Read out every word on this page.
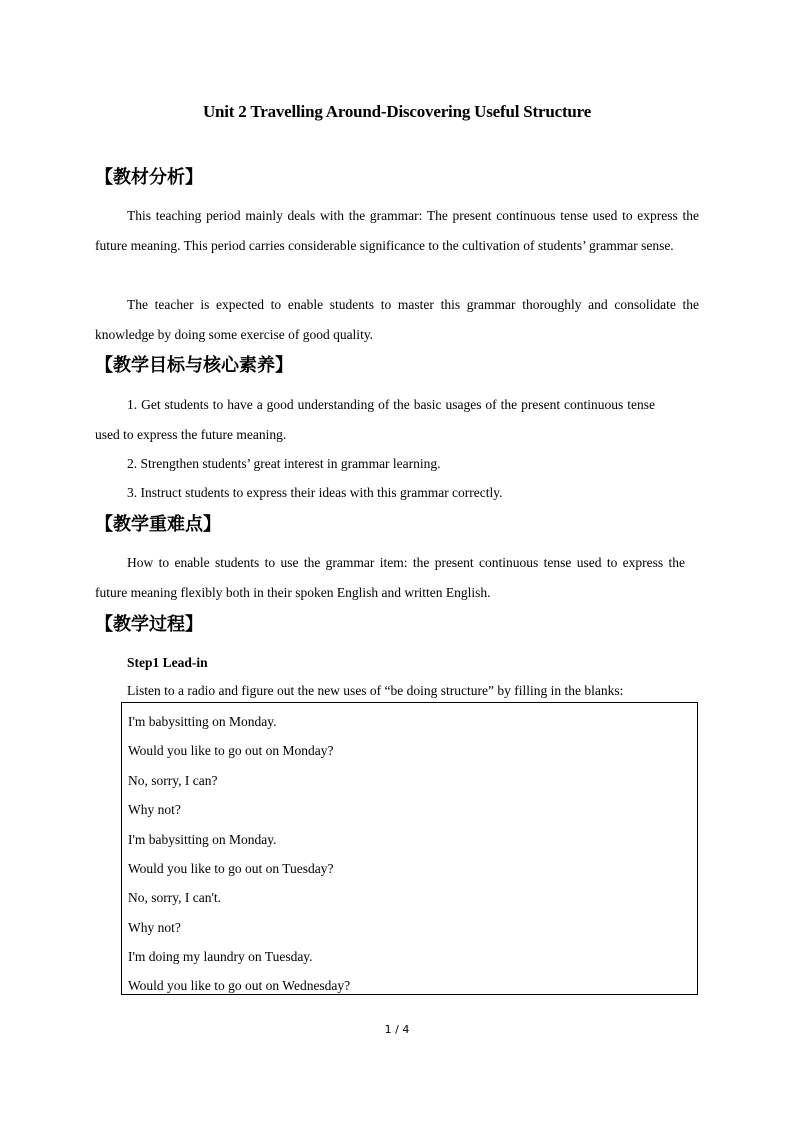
Unit 2 Travelling Around-Discovering Useful Structure
【教材分析】

This teaching period mainly deals with the grammar: The present continuous tense used to express the future meaning. This period carries considerable significance to the cultivation of students’ grammar sense.

The teacher is expected to enable students to master this grammar thoroughly and consolidate the knowledge by doing some exercise of good quality.

【教学目标与核心素养】

1. Get students to have a good understanding of the basic usages of the present continuous tense used to express the future meaning.

2. Strengthen students’ great interest in grammar learning.

3. Instruct students to express their ideas with this grammar correctly.

【教学重难点】

How to enable students to use the grammar item: the present continuous tense used to express the future meaning flexibly both in their spoken English and written English.

【教学过程】
Step1 Lead-in
Listen to a radio and figure out the new uses of “be doing structure” by filling in the blanks:
I'm babysitting on Monday.
Would you like to go out on Monday?
No, sorry, I can?
Why not?
I'm babysitting on Monday.
Would you like to go out on Tuesday?
No, sorry, I can't.
Why not?
I'm doing my laundry on Tuesday.
Would you like to go out on Wednesday?
1 / 4
